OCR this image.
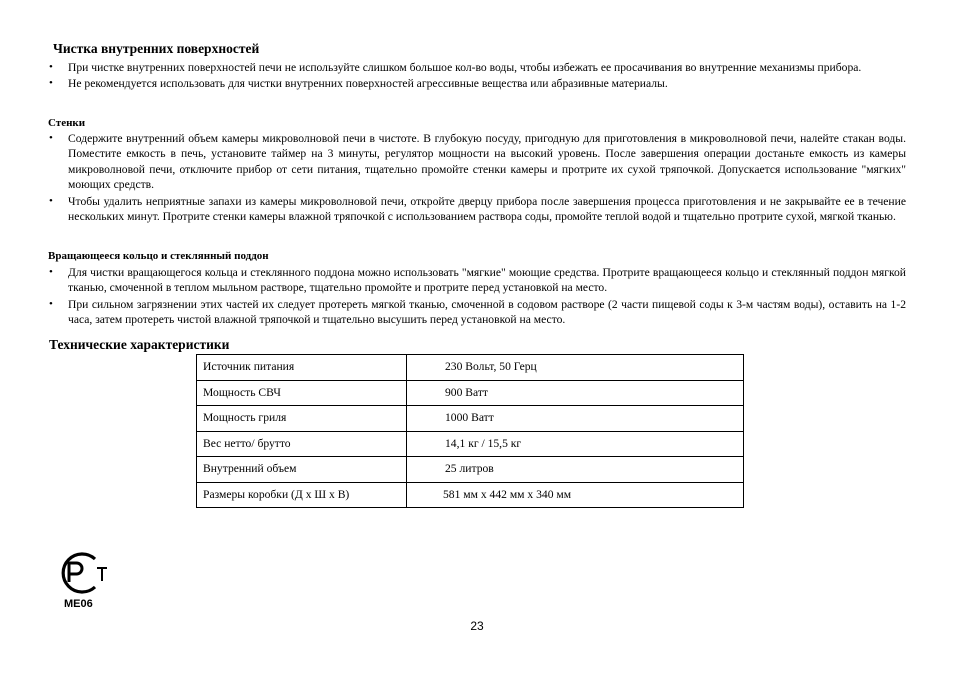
Чистка внутренних поверхностей
• При чистке внутренних поверхностей печи не используйте слишком большое кол-во воды, чтобы избежать ее просачивания во внутренние механизмы прибора.
• Не рекомендуется использовать для чистки внутренних поверхностей агрессивные вещества или абразивные материалы.
Стенки
• Содержите внутренний объем камеры микроволновой печи в чистоте. В глубокую посуду, пригодную для приготовления в микроволновой печи, налейте стакан воды. Поместите емкость в печь, установите таймер на 3 минуты, регулятор мощности на высокий уровень. После завершения операции достаньте емкость из камеры микроволновой печи, отключите прибор от сети питания, тщательно промойте стенки камеры и протрите их сухой тряпочкой. Допускается использование "мягких" моющих средств.
• Чтобы удалить неприятные запахи из камеры микроволновой печи, откройте дверцу прибора после завершения процесса приготовления и не закрывайте ее в течение нескольких минут. Протрите стенки камеры влажной тряпочкой с использованием раствора соды, промойте теплой водой и тщательно протрите сухой, мягкой тканью.
Вращающееся кольцо и стеклянный поддон
• Для чистки вращающегося кольца и стеклянного поддона можно использовать "мягкие" моющие средства. Протрите вращающееся кольцо и стеклянный поддон мягкой тканью, смоченной в теплом мыльном растворе, тщательно промойте и протрите перед установкой на место.
• При сильном загрязнении этих частей их следует протереть мягкой тканью, смоченной в содовом растворе (2 части пищевой соды к 3-м частям воды), оставить на 1-2 часа, затем протереть чистой влажной тряпочкой и тщательно высушить перед установкой на место.
Технические характеристики
Источник питания	230 Вольт, 50 Герц
Мощность СВЧ	900 Ватт
Мощность гриля	1000 Ватт
Вес нетто/ брутто	14,1 кг / 15,5 кг
Внутренний объем	25 литров
Размеры коробки (Д х Ш х В)	581 мм х 442 мм х 340 мм
ME06
23
